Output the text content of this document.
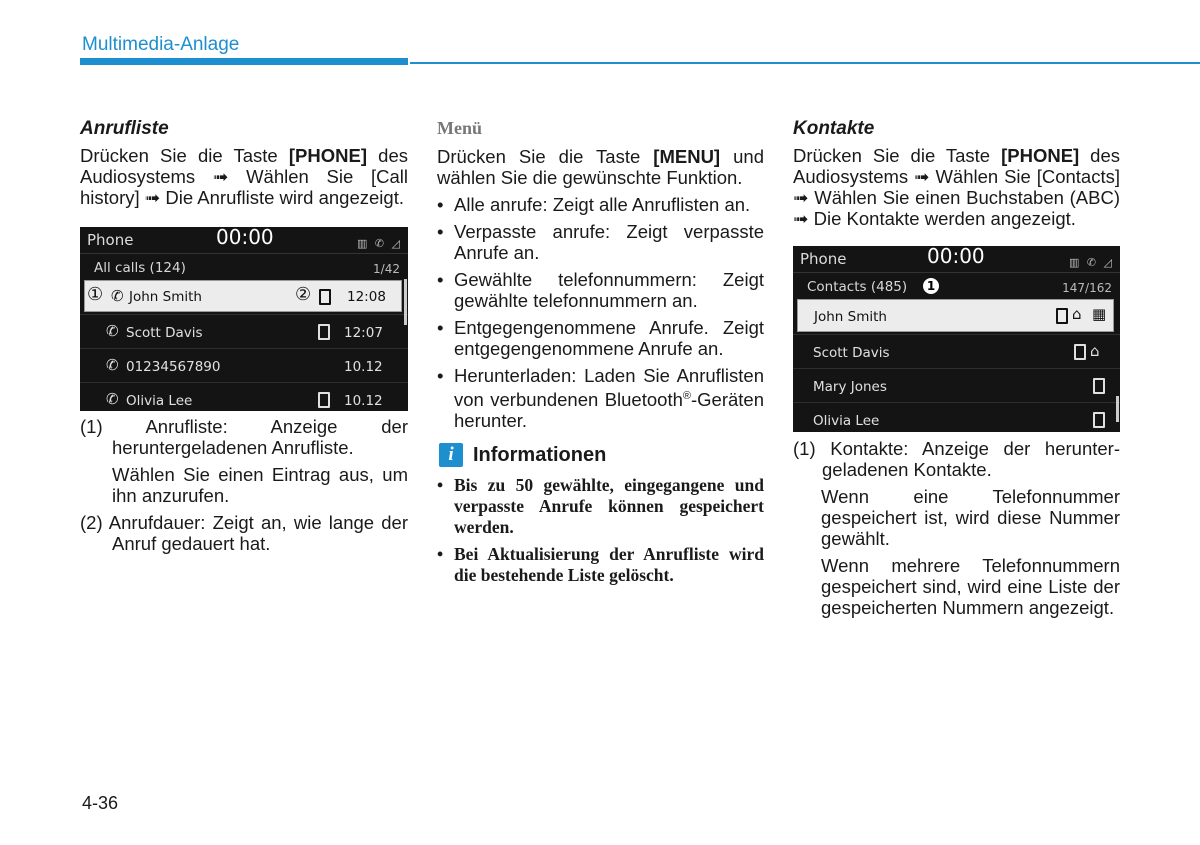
Multimedia-Anlage
Anrufliste

Drücken Sie die Taste [PHONE] des Audiosystems ➟ Wählen Sie [Call history] ➟ Die Anrufliste wird angezeigt.

Phone	00:00	▥ ✆ ◿
All calls (124)	1/42
① ✆ John Smith	②	12:08
✆ Scott Davis	12:07
✆ 01234567890	10.12
✆ Olivia Lee	10.12

(1) Anrufliste: Anzeige der heruntergeladenen Anrufliste.

Wählen Sie einen Eintrag aus, um ihn anzurufen.

(2) Anrufdauer: Zeigt an, wie lange der Anruf gedauert hat.

Menü

Drücken Sie die Taste [MENU] und wählen Sie die gewünschte Funktion.

• Alle anrufe: Zeigt alle Anruflisten an.
• Verpasste anrufe: Zeigt verpasste Anrufe an.
• Gewählte telefonnummern: Zeigt gewählte telefonnummern an.
• Entgegengenommene Anrufe. Zeigt entgegengenommene Anrufe an.
• Herunterladen: Laden Sie Anruflisten von verbundenen Bluetooth®-Geräten herunter.
i Informationen
• Bis zu 50 gewählte, eingegangene und verpasste Anrufe können gespeichert werden.
• Bei Aktualisierung der Anrufliste wird die bestehende Liste gelöscht.
Kontakte

Drücken Sie die Taste [PHONE] des Audiosystems ➟ Wählen Sie [Contacts] ➟ Wählen Sie einen Buchstaben (ABC) ➟ Die Kontakte werden angezeigt.

Phone	00:00	▥ ✆ ◿
Contacts (485)	1	147/162
John Smith	⌂ ▦
Scott Davis	⌂
Mary Jones
Olivia Lee

(1) Kontakte: Anzeige der herunter- geladenen Kontakte.

Wenn eine Telefonnummer gespeichert ist, wird diese Nummer gewählt.

Wenn mehrere Telefonnummern gespeichert sind, wird eine Liste der gespeicherten Nummern angezeigt.

4-36
